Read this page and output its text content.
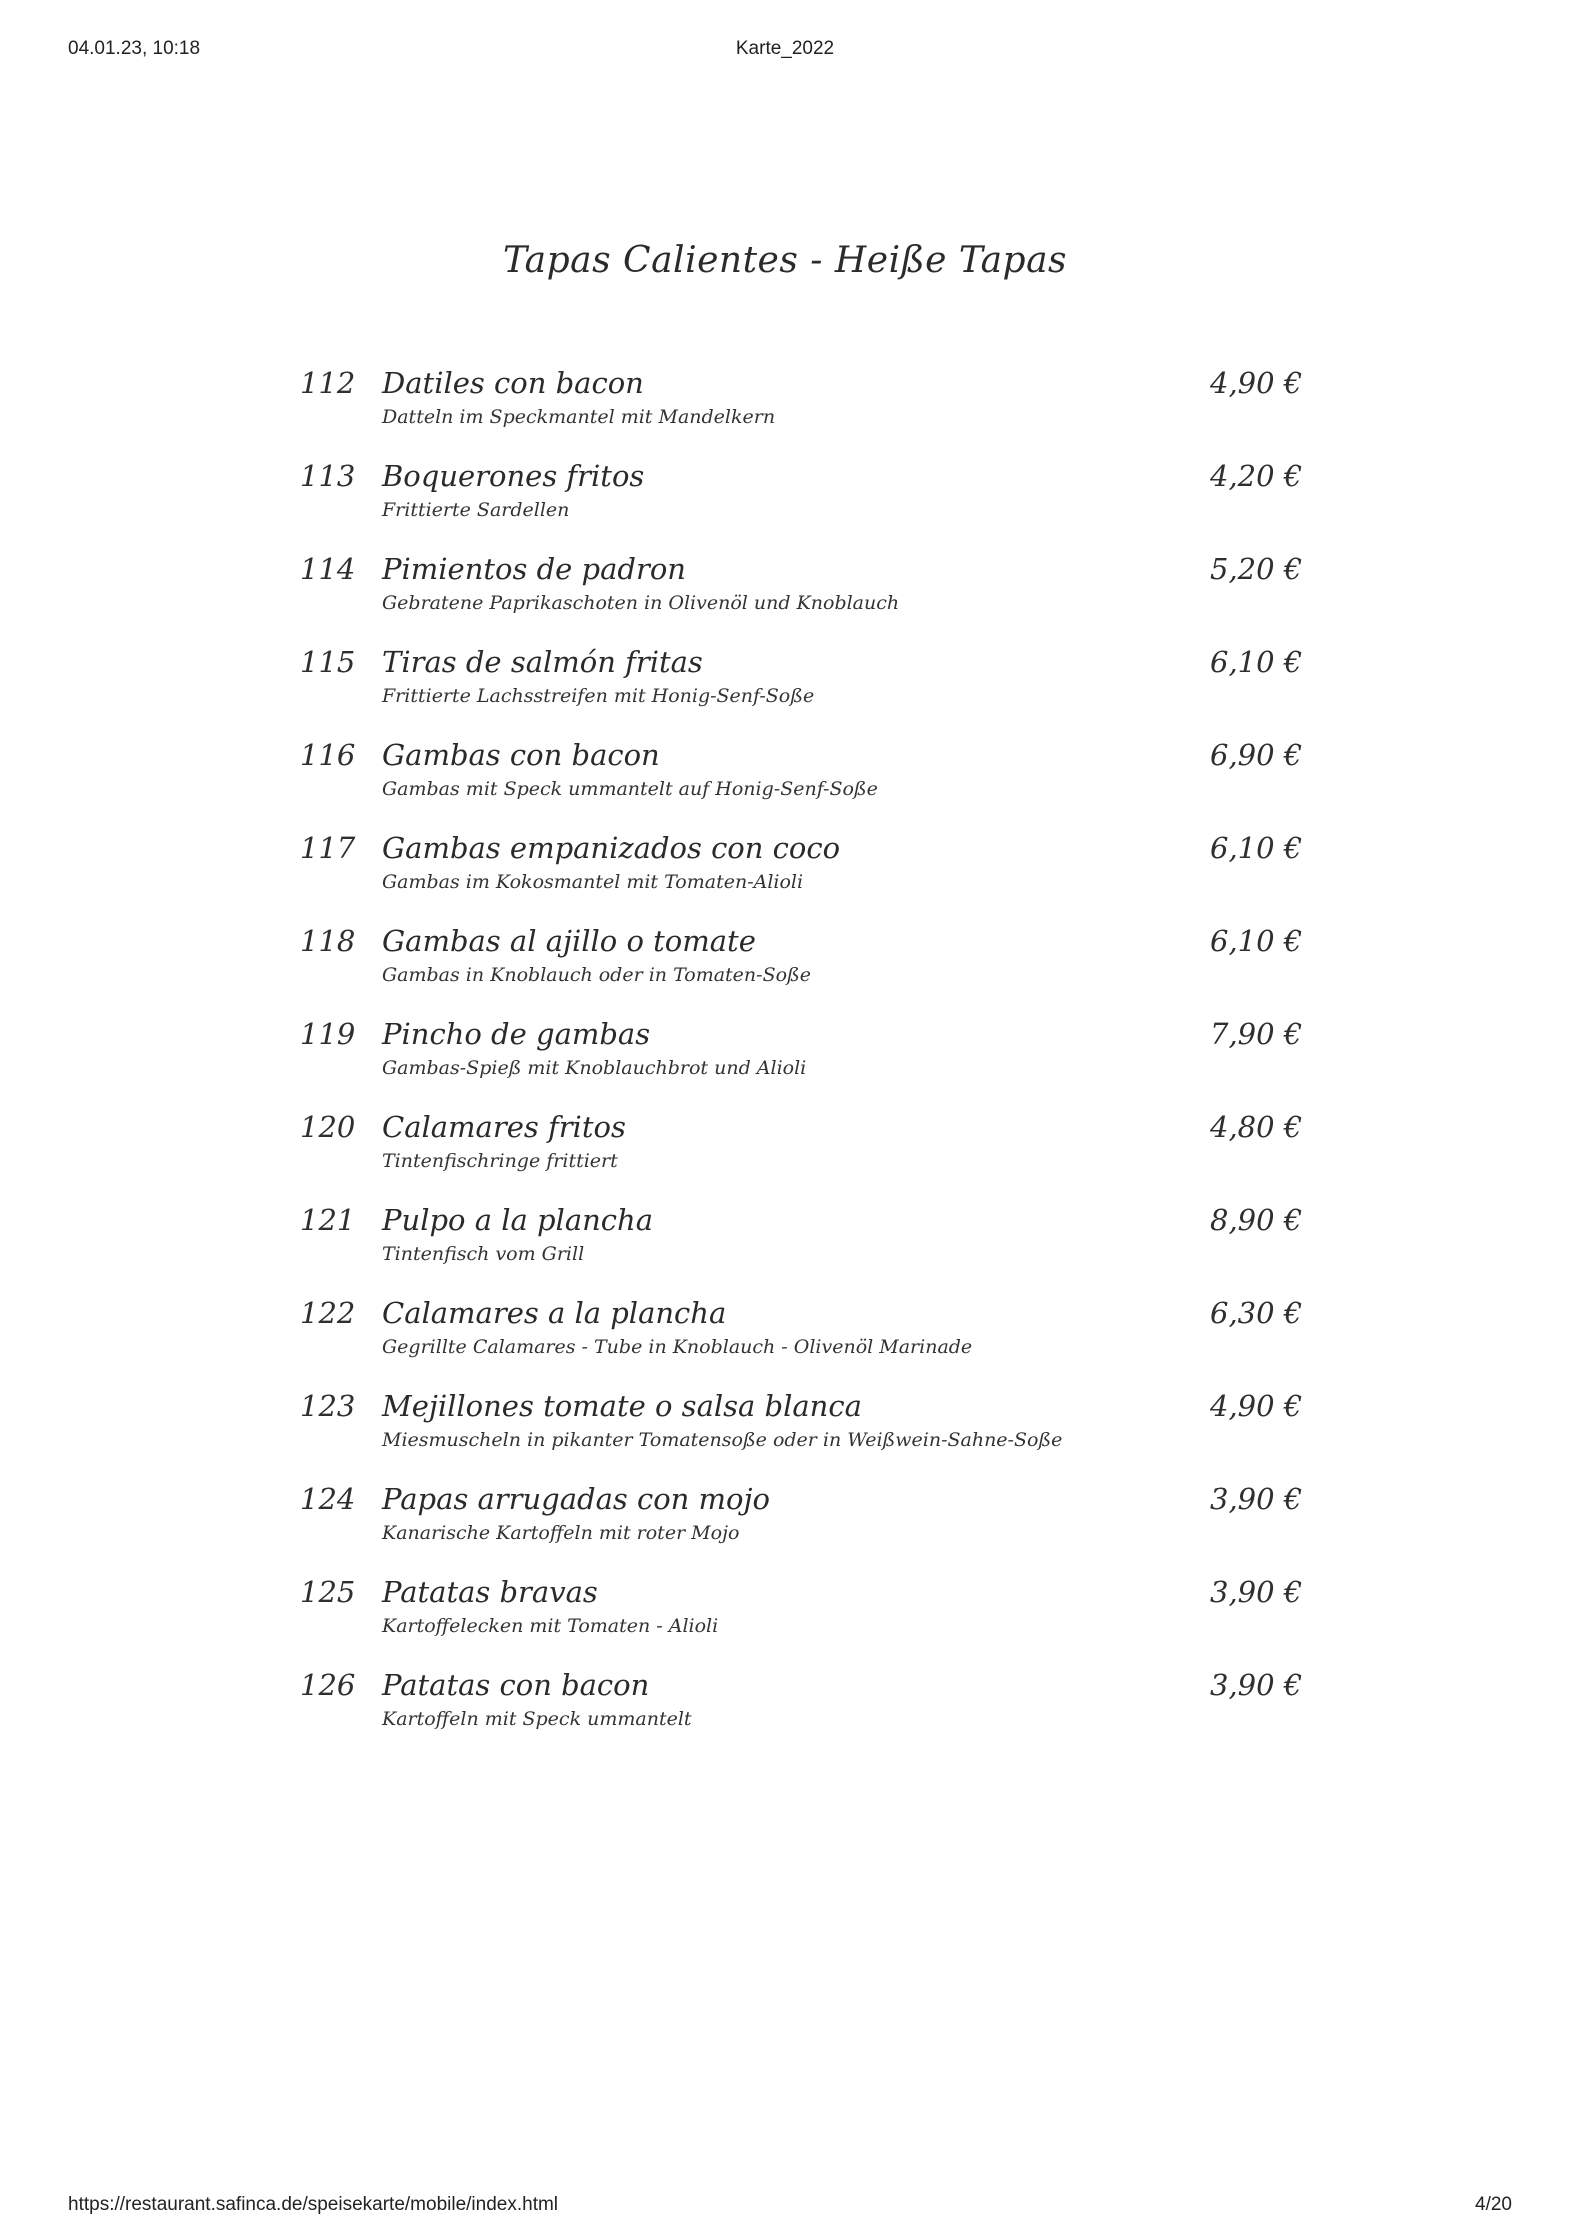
04.01.23, 10:18	Karte_2022
Tapas Calientes - Heiße Tapas
112 Datiles con bacon
Datteln im Speckmantel mit Mandelkern
4,90 €
113 Boquerones fritos
Frittierte Sardellen
4,20 €
114 Pimientos de padron
Gebratene Paprikaschoten in Olivenöl und Knoblauch
5,20 €
115 Tiras de salmón fritas
Frittierte Lachsstreifen mit Honig-Senf-Soße
6,10 €
116 Gambas con bacon
Gambas mit Speck ummantelt auf Honig-Senf-Soße
6,90 €
117 Gambas empanizados con coco
Gambas im Kokosmantel mit Tomaten-Alioli
6,10 €
118 Gambas al ajillo o tomate
Gambas in Knoblauch oder in Tomaten-Soße
6,10 €
119 Pincho de gambas
Gambas-Spieß mit Knoblauchbrot und Alioli
7,90 €
120 Calamares fritos
Tintenfischringe frittiert
4,80 €
121 Pulpo a la plancha
Tintenfisch vom Grill
8,90 €
122 Calamares a la plancha
Gegrillte Calamares - Tube in Knoblauch - Olivenöl Marinade
6,30 €
123 Mejillones tomate o salsa blanca
Miesmuscheln in pikanter Tomatensoße oder in Weißwein-Sahne-Soße
4,90 €
124 Papas arrugadas con mojo
Kanarische Kartoffeln mit roter Mojo
3,90 €
125 Patatas bravas
Kartoffelecken mit Tomaten - Alioli
3,90 €
126 Patatas con bacon
Kartoffeln mit Speck ummantelt
3,90 €
https://restaurant.safinca.de/speisekarte/mobile/index.html	4/20
